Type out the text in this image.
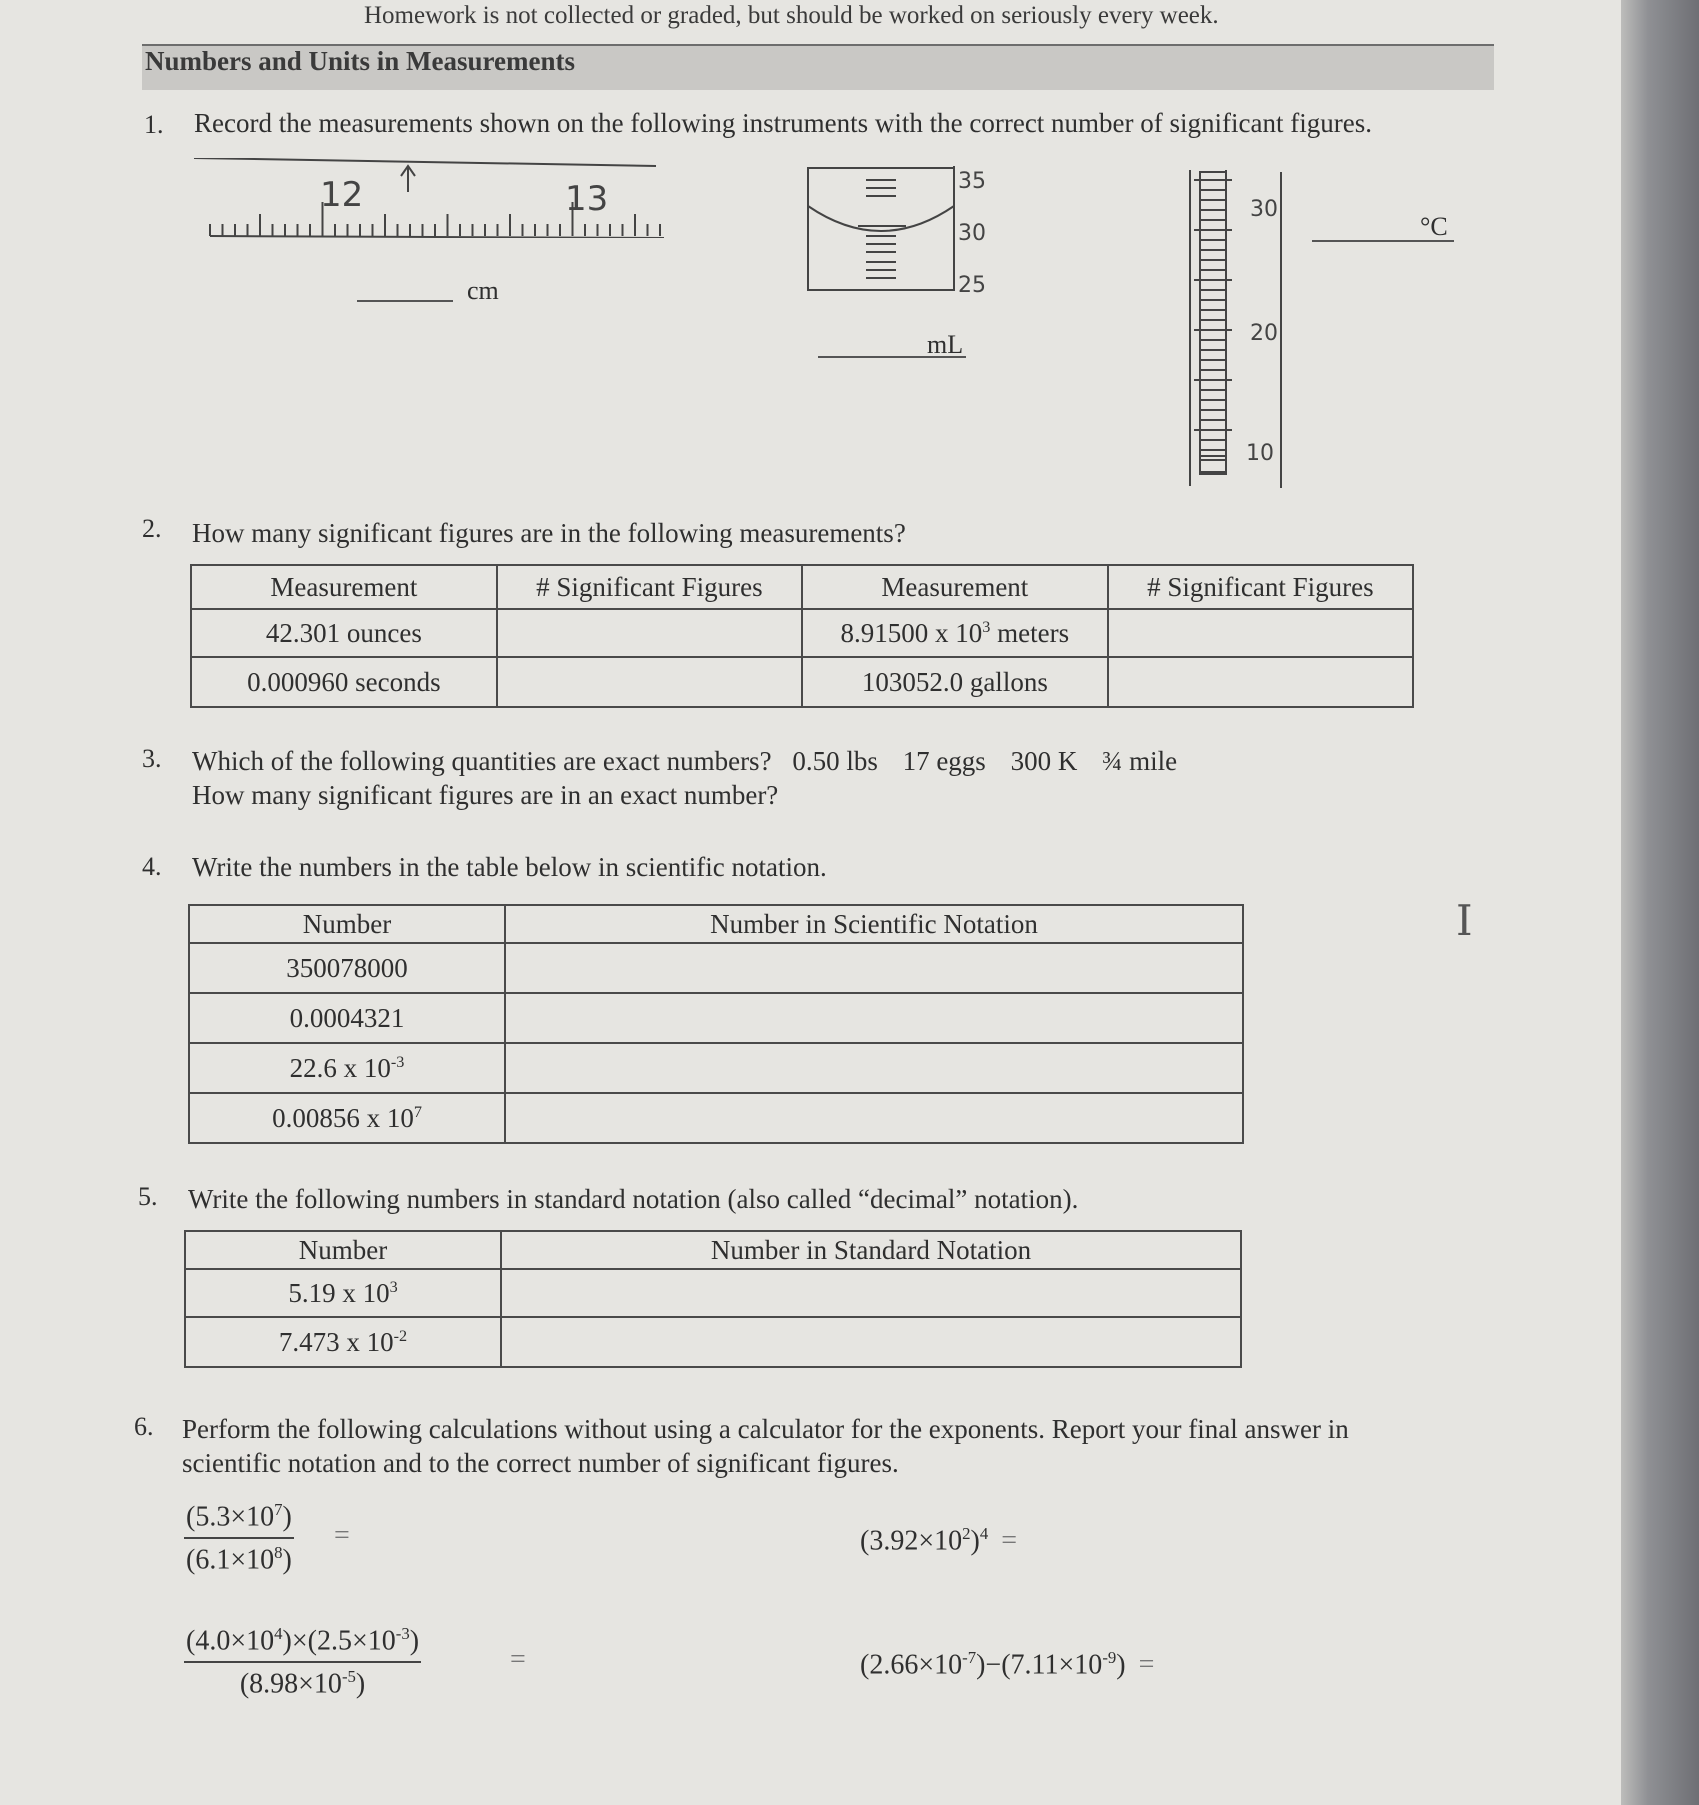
Homework is not collected or graded, but should be worked on seriously every week.
Numbers and Units in Measurements
1. Record the measurements shown on the following instruments with the correct number of significant figures.
12	13
cm
35
30
25
mL
30
20
10
°C
2. How many significant figures are in the following measurements?
Measurement	# Significant Figures	Measurement	# Significant Figures
42.301 ounces		8.91500 x $10^3$ meters	
0.000960 seconds		103052.0 gallons	
3. Which of the following quantities are exact numbers? 0.50 lbs 17 eggs 300 K ¾ mile
How many significant figures are in an exact number?
4. Write the numbers in the table below in scientific notation.
Number	Number in Scientific Notation
350078000	
0.0004321	
22.6 x $10^{-3}$	
0.00856 x $10^7$	
I
5. Write the following numbers in standard notation (also called “decimal” notation).
Number	Number in Standard Notation
5.19 x $10^3$	
7.473 x $10^{-2}$	
6. Perform the following calculations without using a calculator for the exponents. Report your final answer in
scientific notation and to the correct number of significant figures.
$\frac{(5.3\times 10^7)}{(6.1\times 10^8)}$ =	$(3.92\times 10^2)^4$ =
$\frac{(4.0\times 10^4)\times(2.5\times 10^{-3})}{(8.98\times 10^{-5})}$	=	$(2.66\times 10^{-7})-(7.11\times 10^{-9})$ =
